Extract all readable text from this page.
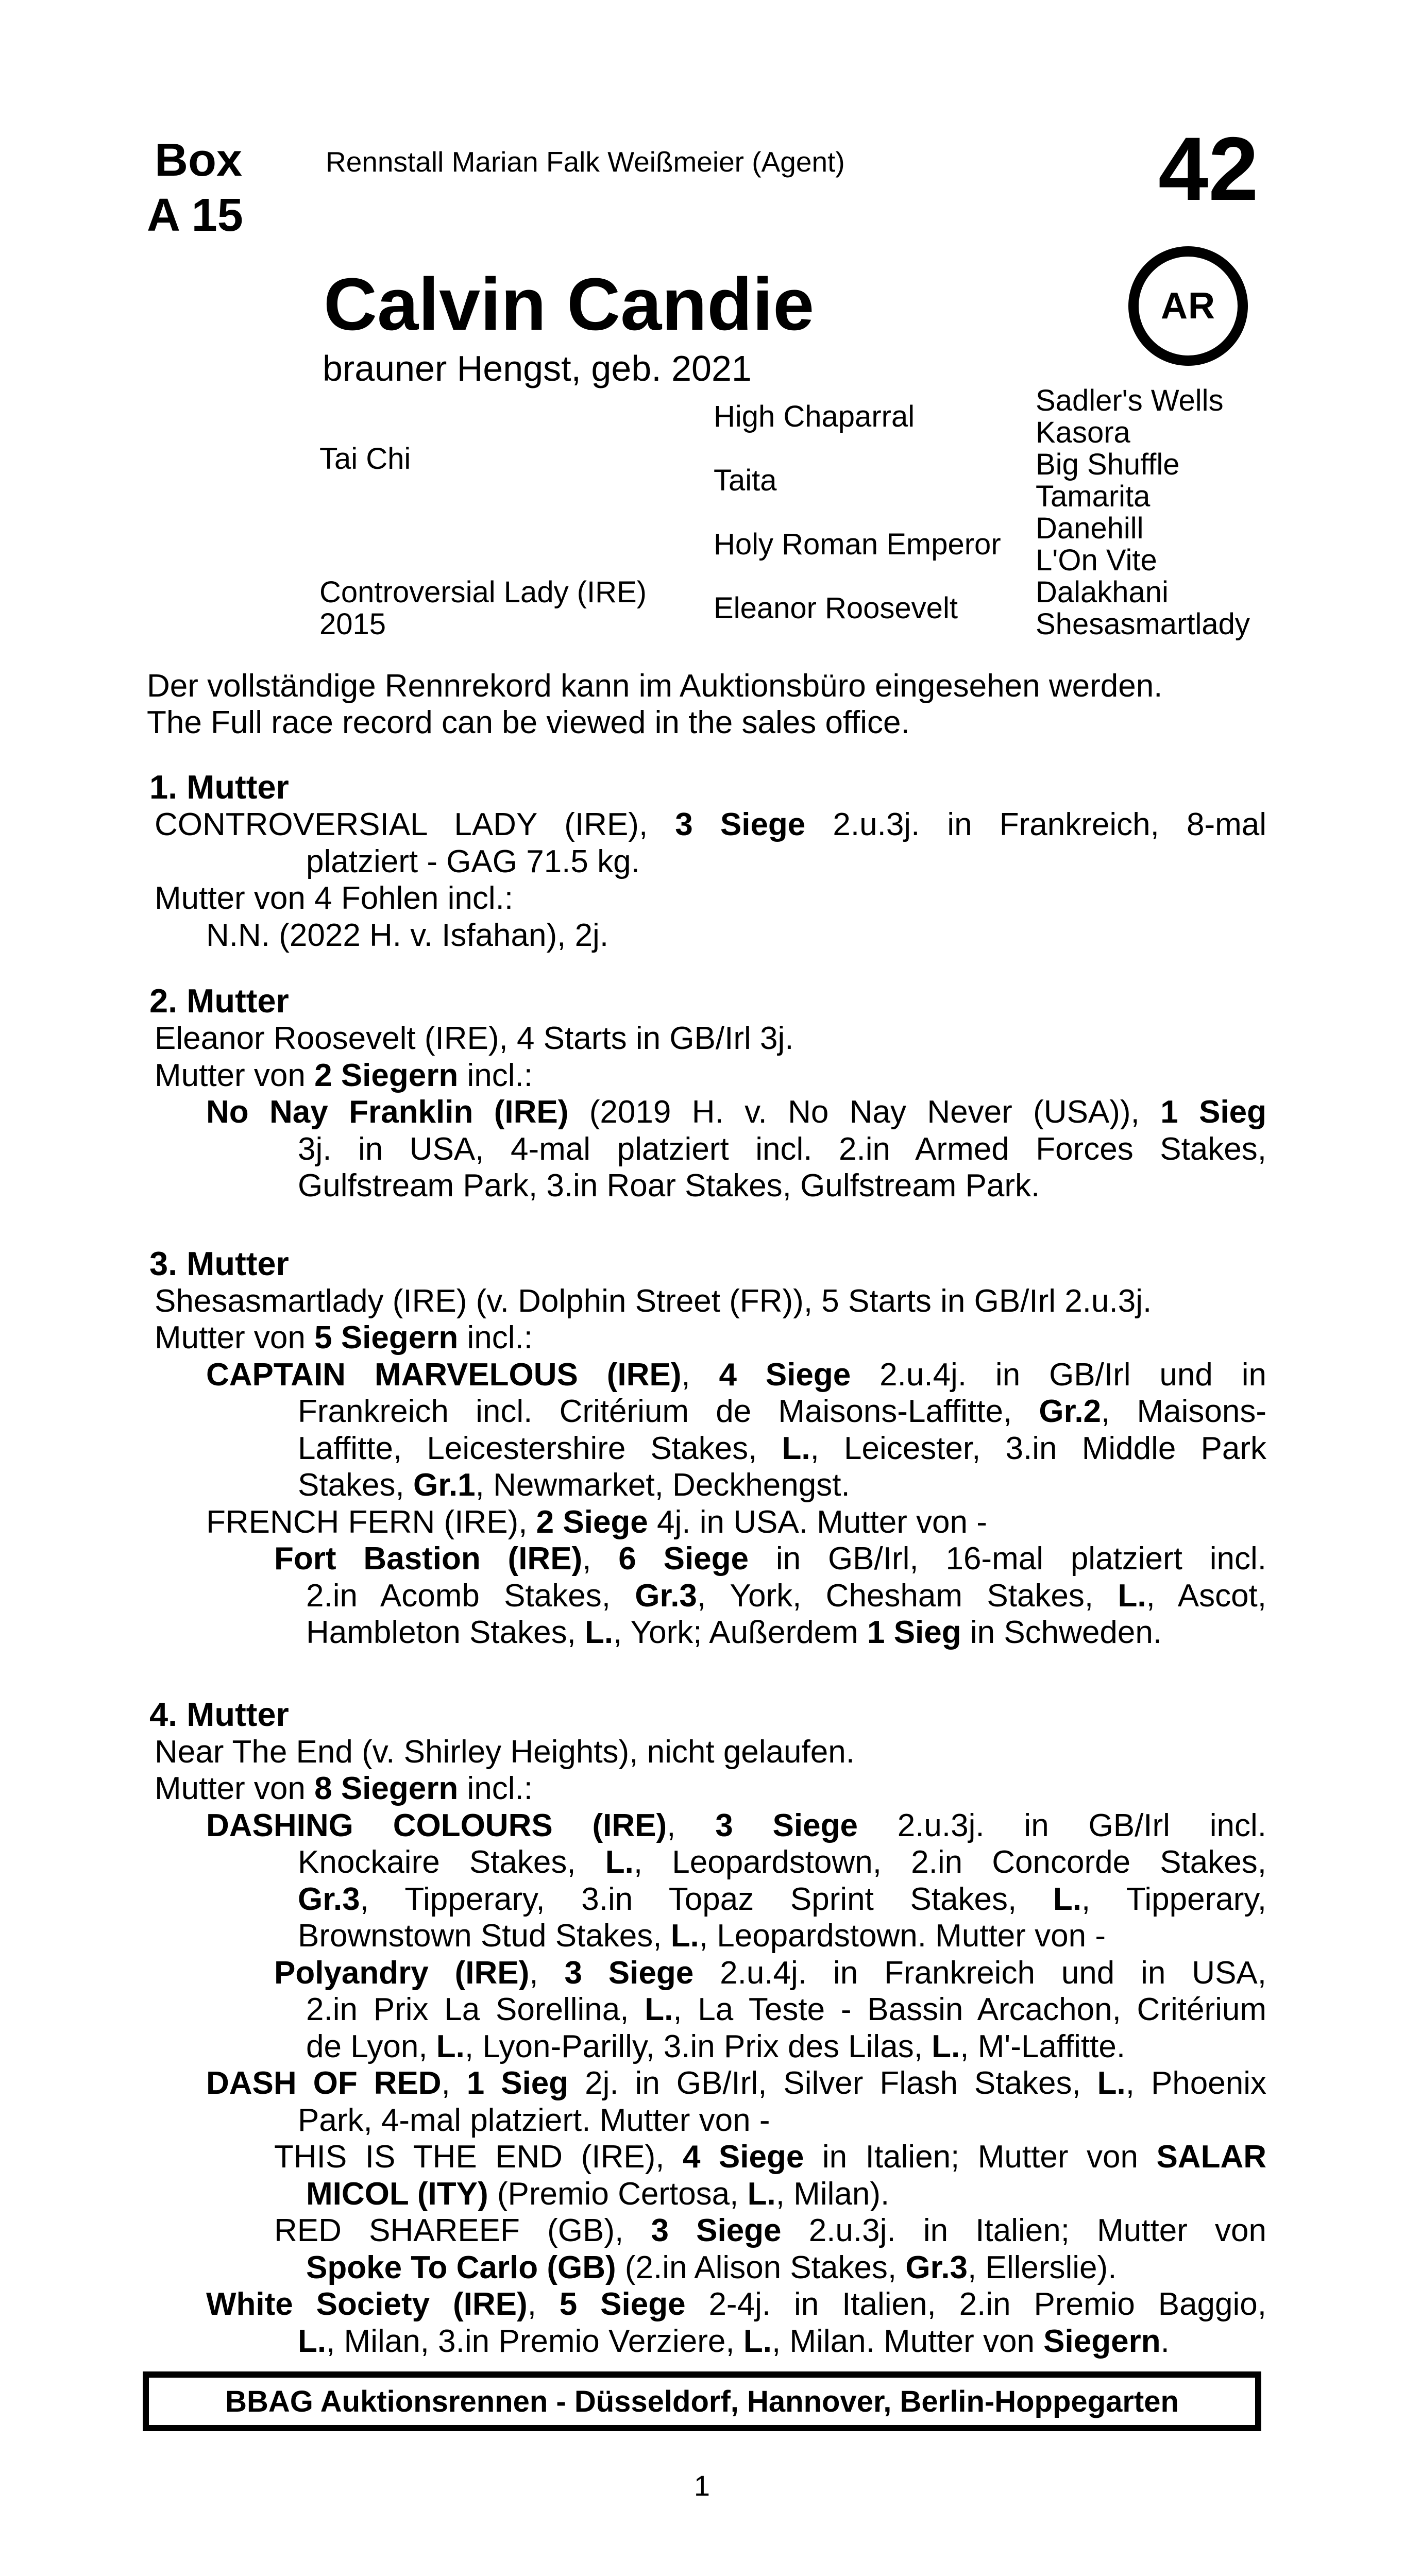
Box
A 15
Rennstall Marian Falk Weißmeier (Agent)	42
Calvin Candie
brauner Hengst, geb. 2021
AR
Sadler's Wells
Kasora
Big Shuffle
Tamarita
Danehill
L'On Vite
Dalakhani
Shesasmartlady
High Chaparral
Taita
Holy Roman Emperor
Eleanor Roosevelt
Tai Chi
Controversial Lady (IRE)
2015
Der vollständige Rennrekord kann im Auktionsbüro eingesehen werden.
The Full race record can be viewed in the sales office.
1. Mutter
CONTROVERSIAL LADY (IRE), 3 Siege 2.u.3j. in Frankreich, 8-mal
platziert - GAG 71.5 kg.
Mutter von 4 Fohlen incl.:
N.N. (2022 H. v. Isfahan), 2j.
2. Mutter
Eleanor Roosevelt (IRE), 4 Starts in GB/Irl 3j.
Mutter von 2 Siegern incl.:
No Nay Franklin (IRE) (2019 H. v. No Nay Never (USA)), 1 Sieg
3j. in USA, 4-mal platziert incl. 2.in Armed Forces Stakes,
Gulfstream Park, 3.in Roar Stakes, Gulfstream Park.
3. Mutter
Shesasmartlady (IRE) (v. Dolphin Street (FR)), 5 Starts in GB/Irl 2.u.3j.
Mutter von 5 Siegern incl.:
CAPTAIN MARVELOUS (IRE), 4 Siege 2.u.4j. in GB/Irl und in
Frankreich incl. Critérium de Maisons-Laffitte, Gr.2, Maisons-
Laffitte, Leicestershire Stakes, L., Leicester, 3.in Middle Park
Stakes, Gr.1, Newmarket, Deckhengst.
FRENCH FERN (IRE), 2 Siege 4j. in USA. Mutter von -
Fort Bastion (IRE), 6 Siege in GB/Irl, 16-mal platziert incl.
2.in Acomb Stakes, Gr.3, York, Chesham Stakes, L., Ascot,
Hambleton Stakes, L., York; Außerdem 1 Sieg in Schweden.
4. Mutter
Near The End (v. Shirley Heights), nicht gelaufen.
Mutter von 8 Siegern incl.:
DASHING COLOURS (IRE), 3 Siege 2.u.3j. in GB/Irl incl.
Knockaire Stakes, L., Leopardstown, 2.in Concorde Stakes,
Gr.3, Tipperary, 3.in Topaz Sprint Stakes, L., Tipperary,
Brownstown Stud Stakes, L., Leopardstown. Mutter von -
Polyandry (IRE), 3 Siege 2.u.4j. in Frankreich und in USA,
2.in Prix La Sorellina, L., La Teste - Bassin Arcachon, Critérium
de Lyon, L., Lyon-Parilly, 3.in Prix des Lilas, L., M'-Laffitte.
DASH OF RED, 1 Sieg 2j. in GB/Irl, Silver Flash Stakes, L., Phoenix
Park, 4-mal platziert. Mutter von -
THIS IS THE END (IRE), 4 Siege in Italien; Mutter von SALAR
MICOL (ITY) (Premio Certosa, L., Milan).
RED SHAREEF (GB), 3 Siege 2.u.3j. in Italien; Mutter von
Spoke To Carlo (GB) (2.in Alison Stakes, Gr.3, Ellerslie).
White Society (IRE), 5 Siege 2-4j. in Italien, 2.in Premio Baggio,
L., Milan, 3.in Premio Verziere, L., Milan. Mutter von Siegern.
BBAG Auktionsrennen - Düsseldorf, Hannover, Berlin-Hoppegarten
1
